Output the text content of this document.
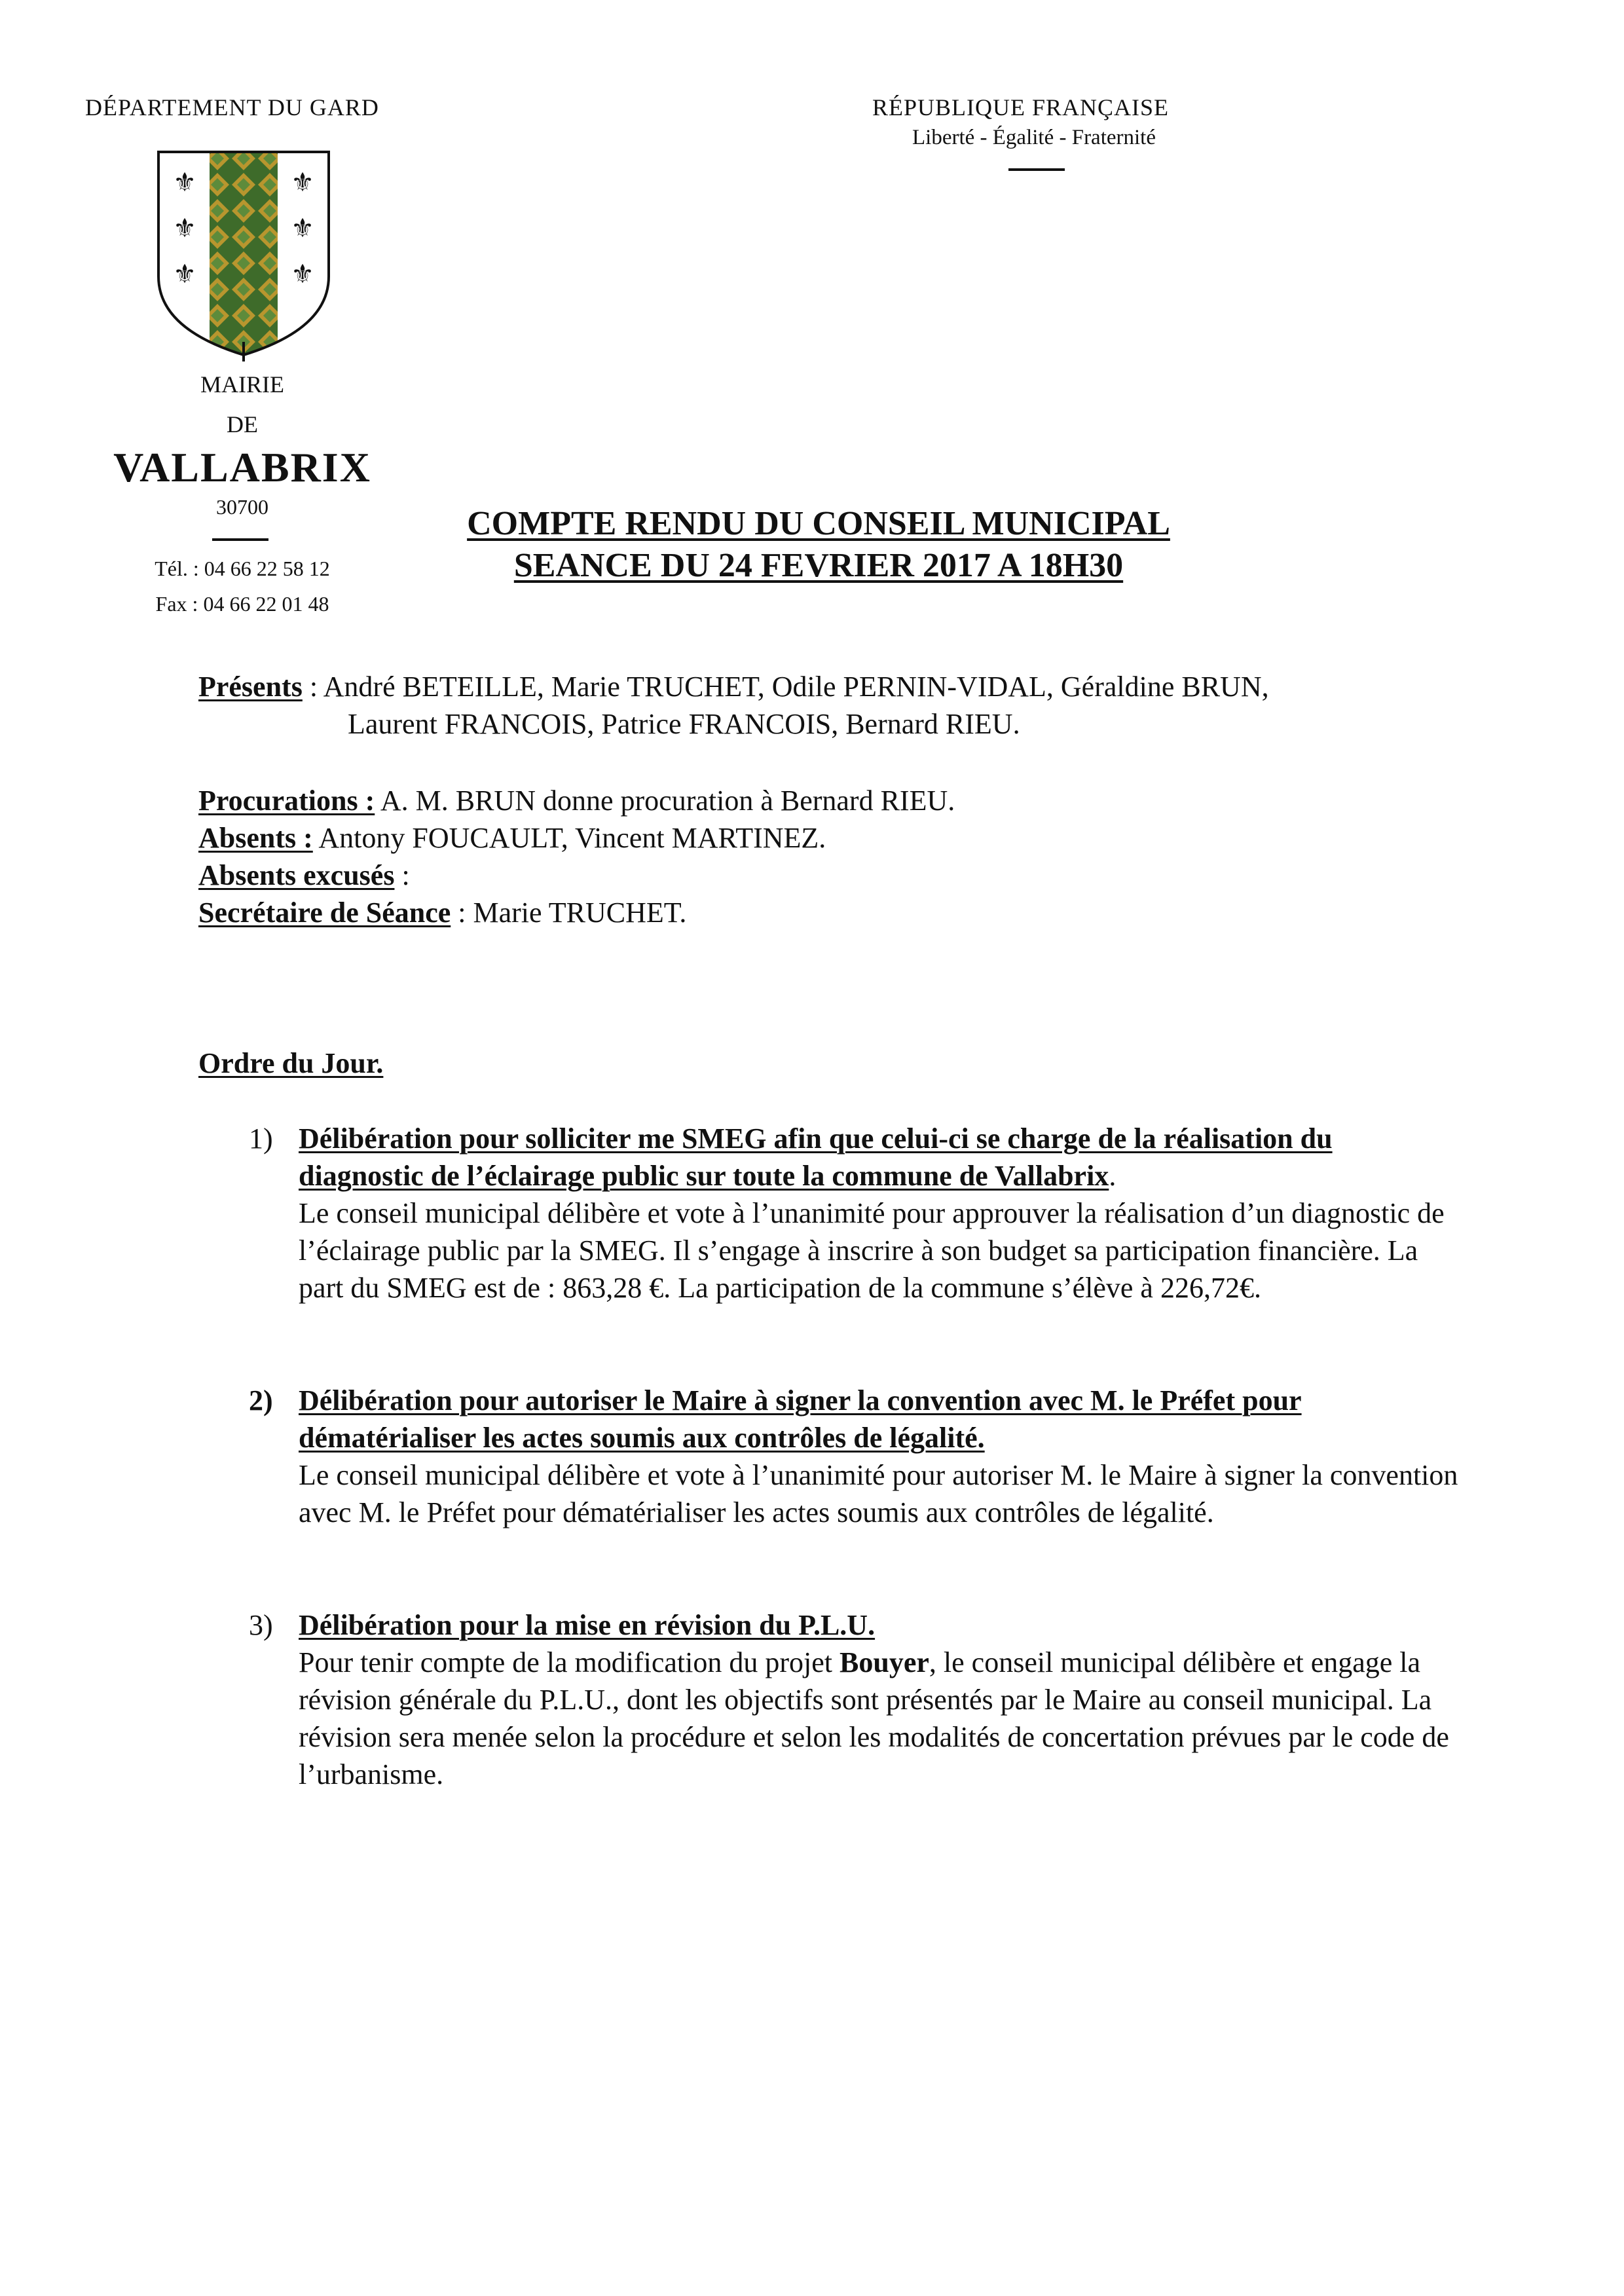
DÉPARTEMENT DU GARD	RÉPUBLIQUE FRANÇAISE
Liberté - Égalité - Fraternité
⚜	⚜
⚜	⚜
⚜	⚜
MAIRIE
DE
VALLABRIX
30700
Tél. : 04 66 22 58 12
Fax : 04 66 22 01 48
COMPTE RENDU DU CONSEIL MUNICIPAL
SEANCE DU 24 FEVRIER 2017 A 18H30
Présents : André BETEILLE, Marie TRUCHET, Odile PERNIN-VIDAL, Géraldine BRUN,
Laurent FRANCOIS, Patrice FRANCOIS, Bernard RIEU.
Procurations : A. M. BRUN donne procuration à Bernard RIEU.
Absents : Antony FOUCAULT, Vincent MARTINEZ.
Absents excusés :
Secrétaire de Séance : Marie TRUCHET.
Ordre du Jour.
1) Délibération pour solliciter me SMEG afin que celui-ci se charge de la réalisation du diagnostic de l’éclairage public sur toute la commune de Vallabrix.
Le conseil municipal délibère et vote à l’unanimité pour approuver la réalisation d’un diagnostic de l’éclairage public par la SMEG. Il s’engage à inscrire à son budget sa participation financière. La part du SMEG est de : 863,28 €. La participation de la commune s’élève à 226,72€.
2) Délibération pour autoriser le Maire à signer la convention avec M. le Préfet pour dématérialiser les actes soumis aux contrôles de légalité.
Le conseil municipal délibère et vote à l’unanimité pour autoriser M. le Maire à signer la convention avec M. le Préfet pour dématérialiser les actes soumis aux contrôles de légalité.
3) Délibération pour la mise en révision du P.L.U.
Pour tenir compte de la modification du projet Bouyer, le conseil municipal délibère et engage la révision générale du P.L.U., dont les objectifs sont présentés par le Maire au conseil municipal. La révision sera menée selon la procédure et selon les modalités de concertation prévues par le code de l’urbanisme.
